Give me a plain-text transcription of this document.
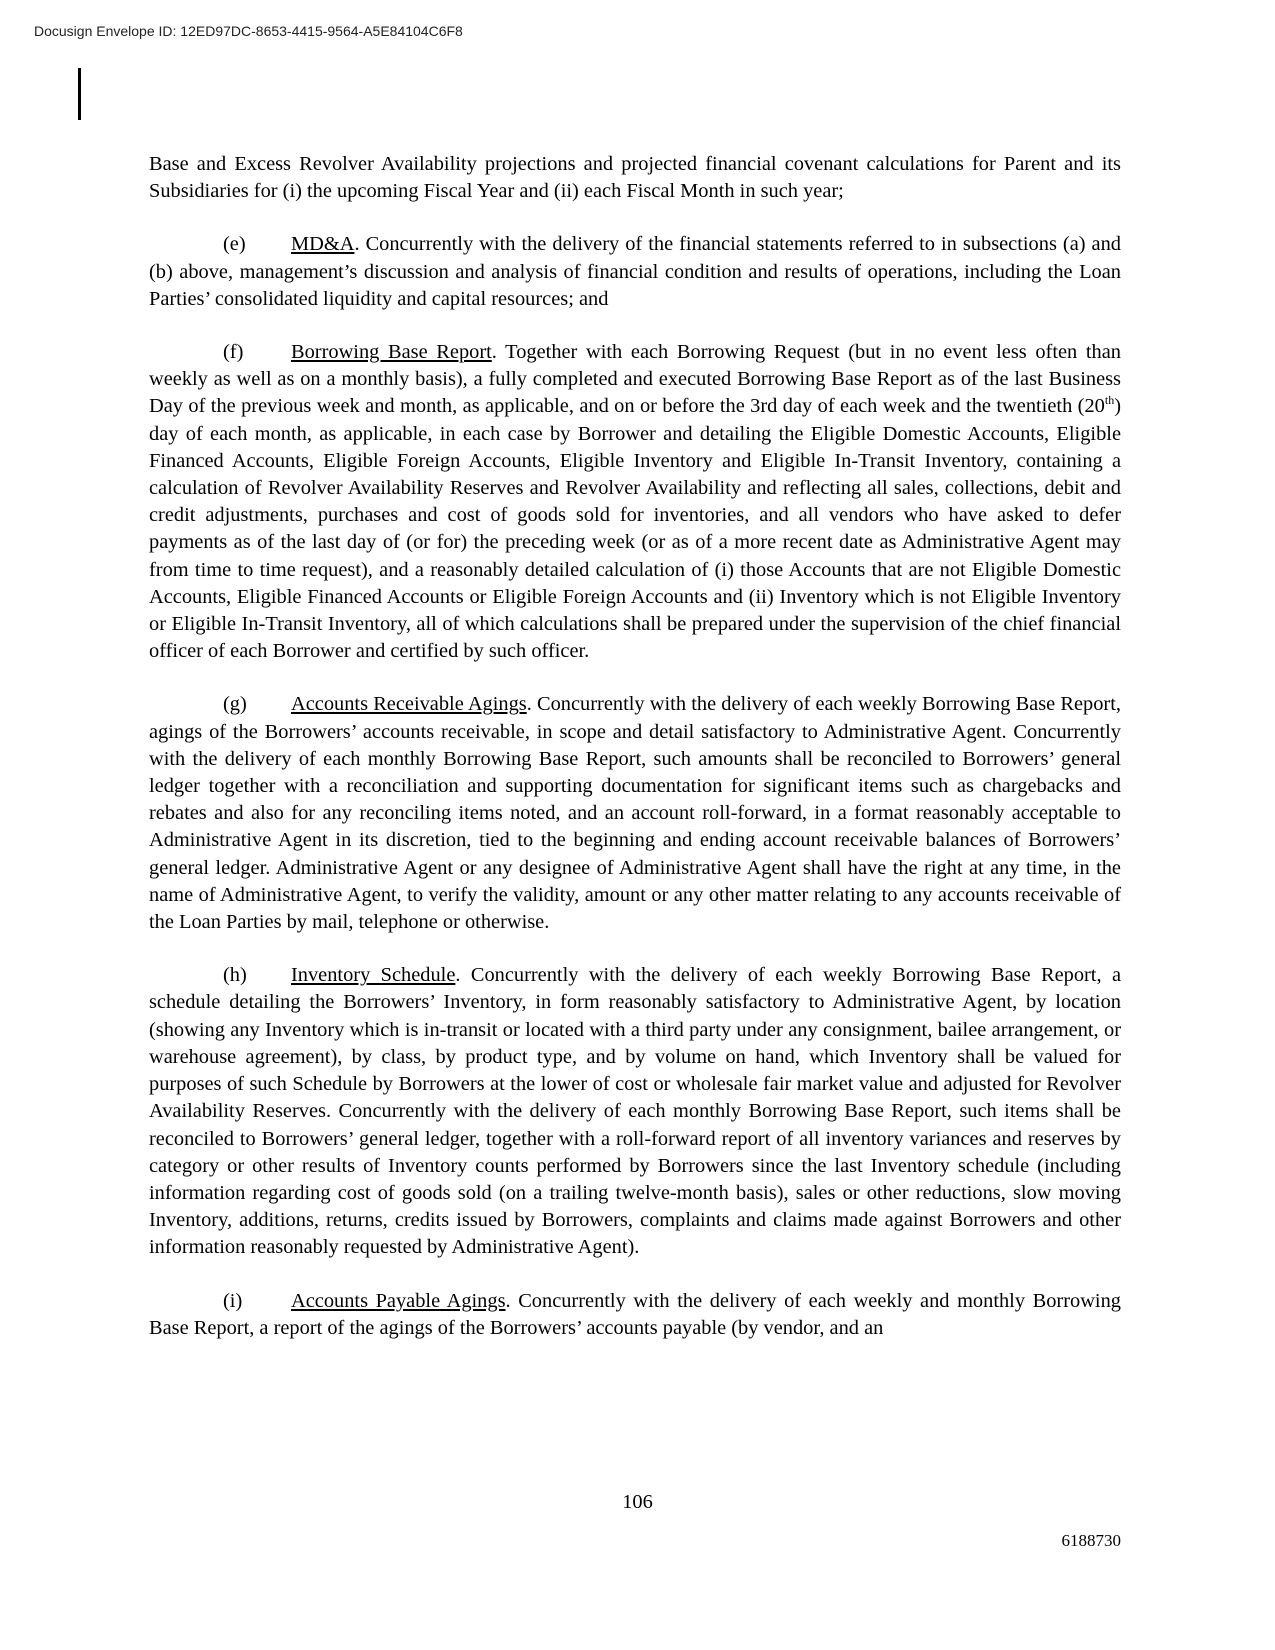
Docusign Envelope ID: 12ED97DC-8653-4415-9564-A5E84104C6F8

Base and Excess Revolver Availability projections and projected financial covenant calculations for Parent and its Subsidiaries for (i) the upcoming Fiscal Year and (ii) each Fiscal Month in such year;

(e) MD&A. Concurrently with the delivery of the financial statements referred to in subsections (a) and (b) above, management’s discussion and analysis of financial condition and results of operations, including the Loan Parties’ consolidated liquidity and capital resources; and

(f) Borrowing Base Report. Together with each Borrowing Request (but in no event less often than weekly as well as on a monthly basis), a fully completed and executed Borrowing Base Report as of the last Business Day of the previous week and month, as applicable, and on or before the 3rd day of each week and the twentieth (20th) day of each month, as applicable, in each case by Borrower and detailing the Eligible Domestic Accounts, Eligible Financed Accounts, Eligible Foreign Accounts, Eligible Inventory and Eligible In-Transit Inventory, containing a calculation of Revolver Availability Reserves and Revolver Availability and reflecting all sales, collections, debit and credit adjustments, purchases and cost of goods sold for inventories, and all vendors who have asked to defer payments as of the last day of (or for) the preceding week (or as of a more recent date as Administrative Agent may from time to time request), and a reasonably detailed calculation of (i) those Accounts that are not Eligible Domestic Accounts, Eligible Financed Accounts or Eligible Foreign Accounts and (ii) Inventory which is not Eligible Inventory or Eligible In-Transit Inventory, all of which calculations shall be prepared under the supervision of the chief financial officer of each Borrower and certified by such officer.

(g) Accounts Receivable Agings. Concurrently with the delivery of each weekly Borrowing Base Report, agings of the Borrowers’ accounts receivable, in scope and detail satisfactory to Administrative Agent. Concurrently with the delivery of each monthly Borrowing Base Report, such amounts shall be reconciled to Borrowers’ general ledger together with a reconciliation and supporting documentation for significant items such as chargebacks and rebates and also for any reconciling items noted, and an account roll-forward, in a format reasonably acceptable to Administrative Agent in its discretion, tied to the beginning and ending account receivable balances of Borrowers’ general ledger. Administrative Agent or any designee of Administrative Agent shall have the right at any time, in the name of Administrative Agent, to verify the validity, amount or any other matter relating to any accounts receivable of the Loan Parties by mail, telephone or otherwise.

(h) Inventory Schedule. Concurrently with the delivery of each weekly Borrowing Base Report, a schedule detailing the Borrowers’ Inventory, in form reasonably satisfactory to Administrative Agent, by location (showing any Inventory which is in-transit or located with a third party under any consignment, bailee arrangement, or warehouse agreement), by class, by product type, and by volume on hand, which Inventory shall be valued for purposes of such Schedule by Borrowers at the lower of cost or wholesale fair market value and adjusted for Revolver Availability Reserves. Concurrently with the delivery of each monthly Borrowing Base Report, such items shall be reconciled to Borrowers’ general ledger, together with a roll-forward report of all inventory variances and reserves by category or other results of Inventory counts performed by Borrowers since the last Inventory schedule (including information regarding cost of goods sold (on a trailing twelve-month basis), sales or other reductions, slow moving Inventory, additions, returns, credits issued by Borrowers, complaints and claims made against Borrowers and other information reasonably requested by Administrative Agent).

(i) Accounts Payable Agings. Concurrently with the delivery of each weekly and monthly Borrowing Base Report, a report of the agings of the Borrowers’ accounts payable (by vendor, and an

106
6188730
